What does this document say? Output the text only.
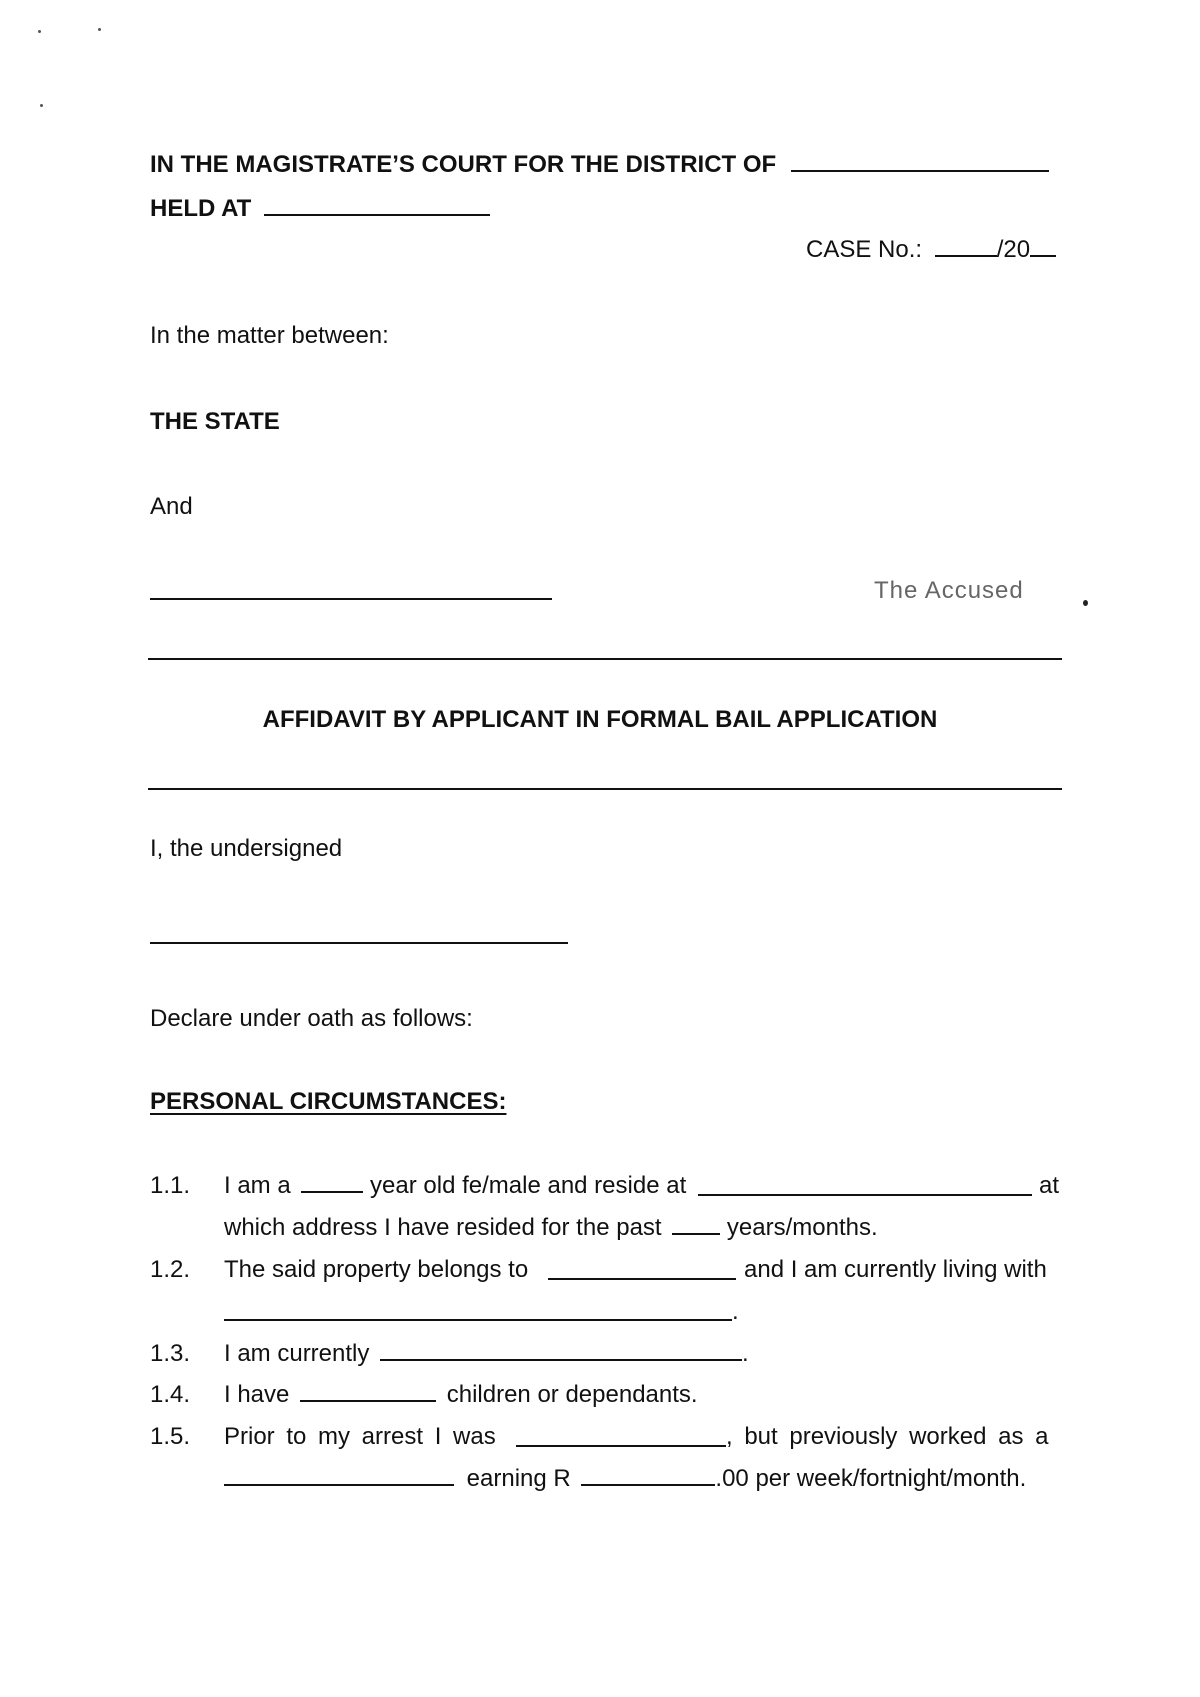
IN THE MAGISTRATE’S COURT FOR THE DISTRICT OF
HELD AT
CASE No.:	/20
In the matter between:
THE STATE
And
The Accused
AFFIDAVIT BY APPLICANT IN FORMAL BAIL APPLICATION
I, the undersigned
Declare under oath as follows:
PERSONAL CIRCUMSTANCES:
1.1.	I am a	year old fe/male and reside at	at
which address I have resided for the past	years/months.
1.2.	The said property belongs to	and I am currently living with
.
1.3.	I am currently	.
1.4.	I have	children or dependants.
1.5.	Prior to my arrest I was	, but previously worked as a
earning R	.00 per week/fortnight/month.
